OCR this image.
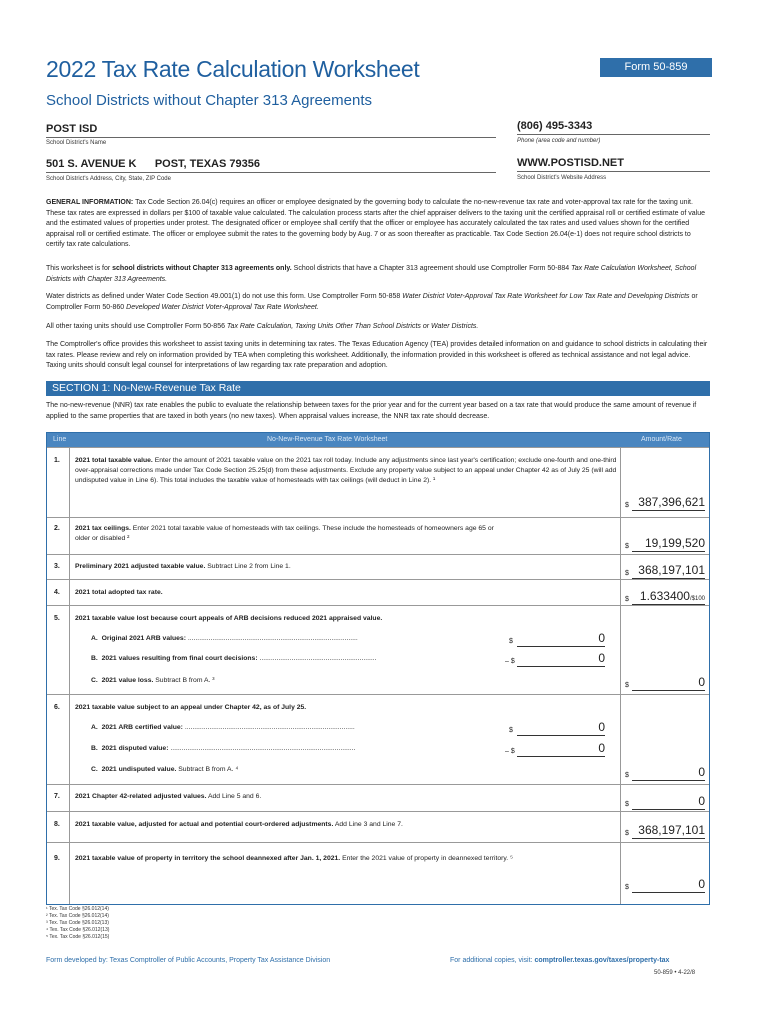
2022 Tax Rate Calculation Worksheet
School Districts without Chapter 313 Agreements
Form 50-859
POST ISD
School District's Name
(806) 495-3343
Phone (area code and number)
501 S. AVENUE K      POST, TEXAS 79356
School District's Address, City, State, ZIP Code
WWW.POSTISD.NET
School District's Website Address
GENERAL INFORMATION: Tax Code Section 26.04(c) requires an officer or employee designated by the governing body to calculate the no-new-revenue tax rate and voter-approval tax rate for the taxing unit. These tax rates are expressed in dollars per $100 of taxable value calculated. The calculation process starts after the chief appraiser delivers to the taxing unit the certified appraisal roll or certified estimate of value and the estimated values of properties under protest. The designated officer or employee shall certify that the officer or employee has accurately calculated the tax rates and used values shown for the certified appraisal roll or certified estimate. The officer or employee submit the rates to the governing body by Aug. 7 or as soon thereafter as practicable. Tax Code Section 26.04(e-1) does not require school districts to certify tax rate calculations.
This worksheet is for school districts without Chapter 313 agreements only. School districts that have a Chapter 313 agreement should use Comptroller Form 50-884 Tax Rate Calculation Worksheet, School Districts with Chapter 313 Agreements.
Water districts as defined under Water Code Section 49.001(1) do not use this form. Use Comptroller Form 50-858 Water District Voter-Approval Tax Rate Worksheet for Low Tax Rate and Developing Districts or Comptroller Form 50-860 Developed Water District Voter-Approval Tax Rate Worksheet.
All other taxing units should use Comptroller Form 50-856 Tax Rate Calculation, Taxing Units Other Than School Districts or Water Districts.
The Comptroller's office provides this worksheet to assist taxing units in determining tax rates. The Texas Education Agency (TEA) provides detailed information on and guidance to school districts in calculating their tax rates. Please review and rely on information provided by TEA when completing this worksheet. Additionally, the information provided in this worksheet is offered as technical assistance and not legal advice. Taxing units should consult legal counsel for interpretations of law regarding tax rate preparation and adoption.
SECTION 1: No-New-Revenue Tax Rate
The no-new-revenue (NNR) tax rate enables the public to evaluate the relationship between taxes for the prior year and for the current year based on a tax rate that would produce the same amount of revenue if applied to the same properties that are taxed in both years (no new taxes). When appraisal values increase, the NNR tax rate should decrease.
Line	No-New-Revenue Tax Rate Worksheet	Amount/Rate
1. 2021 total taxable value. Enter the amount of 2021 taxable value on the 2021 tax roll today. Include any adjustments since last year's certification; exclude one-fourth and one-third over-appraisal corrections made under Tax Code Section 25.25(d) from these adjustments. Exclude any property value subject to an appeal under Chapter 42 as of July 25 (will add undisputed value in Line 6). This total includes the taxable value of homesteads with tax ceilings (will deduct in Line 2). ¹
$ 387,396,621
2. 2021 tax ceilings. Enter 2021 total taxable value of homesteads with tax ceilings. These include the homesteads of homeowners age 65 or older or disabled ²
$ 19,199,520
3. Preliminary 2021 adjusted taxable value. Subtract Line 2 from Line 1.
$ 368,197,101
4. 2021 total adopted tax rate.
$ 1.633400/$100
5. 2021 taxable value lost because court appeals of ARB decisions reduced 2021 appraised value.
A. Original 2021 ARB values: ..........................................................................................	$	0
B. 2021 values resulting from final court decisions: ..............................................................	– $	0
C. 2021 value loss. Subtract B from A. ³
$	0
6. 2021 taxable value subject to an appeal under Chapter 42, as of July 25.
A. 2021 ARB certified value: ..........................................................................................	$	0
B. 2021 disputed value: ..................................................................................................	– $	0
C. 2021 undisputed value. Subtract B from A. ⁴
$	0
7. 2021 Chapter 42-related adjusted values. Add Line 5 and 6.
$	0
8. 2021 taxable value, adjusted for actual and potential court-ordered adjustments. Add Line 3 and Line 7.
$ 368,197,101
9. 2021 taxable value of property in territory the school deannexed after Jan. 1, 2021. Enter the 2021 value of property in deannexed territory. ⁵
$	0
¹ Tex. Tax Code §26.012(14)
² Tex. Tax Code §26.012(14)
³ Tex. Tax Code §26.012(13)
⁴ Tex. Tax Code §26.012(13)
⁵ Tex. Tax Code §26.012(15)
Form developed by: Texas Comptroller of Public Accounts, Property Tax Assistance Division	For additional copies, visit: comptroller.texas.gov/taxes/property-tax
50-859 • 4-22/8
